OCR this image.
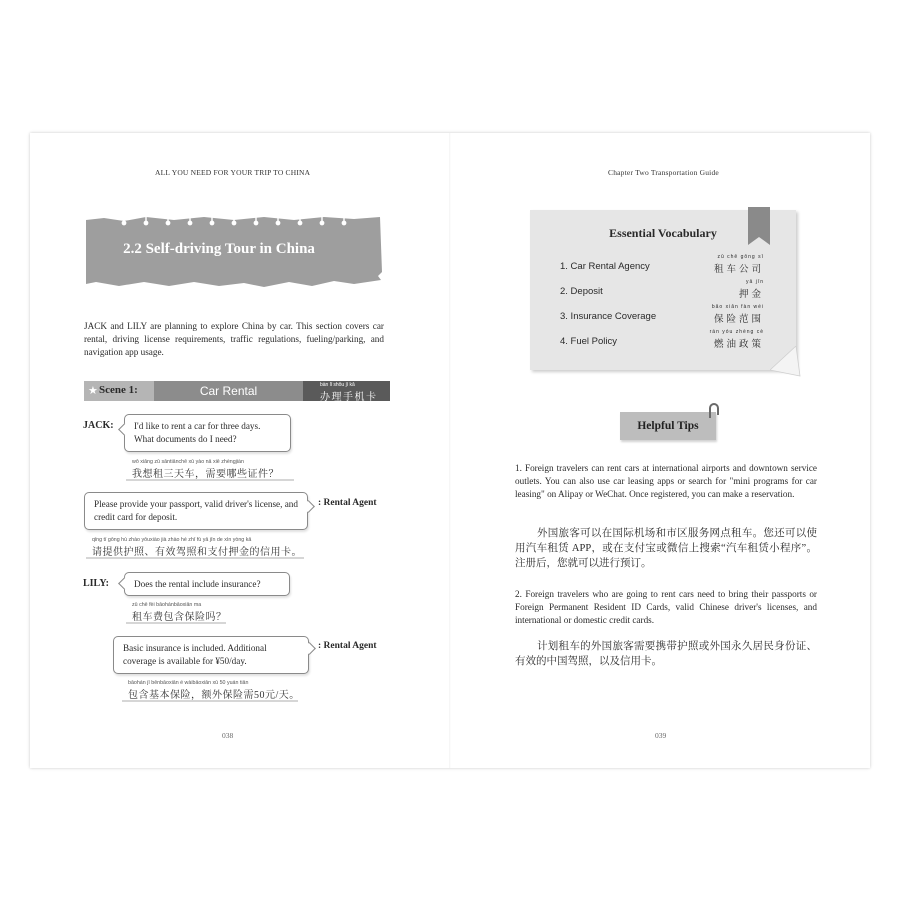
ALL YOU NEED FOR YOUR TRIP TO CHINA
2.2 Self-driving Tour in China
JACK and LILY are planning to explore China by car. This section covers car rental, driving license requirements, traffic regulations, fueling/parking, and navigation app usage.
★ Scene 1:	Car Rental	bàn lǐ shǒu jī kǎ
办理手机卡
JACK:	I'd like to rent a car for three days. What documents do I need?
wǒ xiǎng zū sāntiānchē xū yào nǎ xiē zhèngjiàn
我想租三天车，需要哪些证件？
Please provide your passport, valid driver's license, and credit card for deposit.
: Rental Agent
qǐng tí gōng hù zhào yǒuxiào jià zhào hé zhī fù yā jīn de xìn yòng kǎ
请提供护照、有效驾照和支付押金的信用卡。
LILY:	Does the rental include insurance?
zū chē fèi bāohánbǎoxiǎn ma
租车费包含保险吗？
Basic insurance is included. Additional coverage is available for ¥50/day.
: Rental Agent
bāohán jī běnbǎoxiǎn é wàibǎoxiǎn xū 50 yuán tiān
包含基本保险，额外保险需50元/天。
038
Chapter Two Transportation Guide
Essential Vocabulary
1. Car Rental Agency
zū chē gōng sī
租车公司
2. Deposit
yā jīn
押金
3. Insurance Coverage
bǎo xiǎn fàn wéi
保险范围
4. Fuel Policy
rán yóu zhèng cè
燃油政策
Helpful Tips
1. Foreign travelers can rent cars at international airports and downtown service outlets. You can also use car leasing apps or search for "mini programs for car leasing" on Alipay or WeChat. Once registered, you can make a reservation.
外国旅客可以在国际机场和市区服务网点租车。您还可以使用汽车租赁 APP，或在支付宝或微信上搜索“汽车租赁小程序”。注册后，您就可以进行预订。
2. Foreign travelers who are going to rent cars need to bring their passports or Foreign Permanent Resident ID Cards, valid Chinese driver's licenses, and international or domestic credit cards.
计划租车的外国旅客需要携带护照或外国永久居民身份证、有效的中国驾照，以及信用卡。
039
